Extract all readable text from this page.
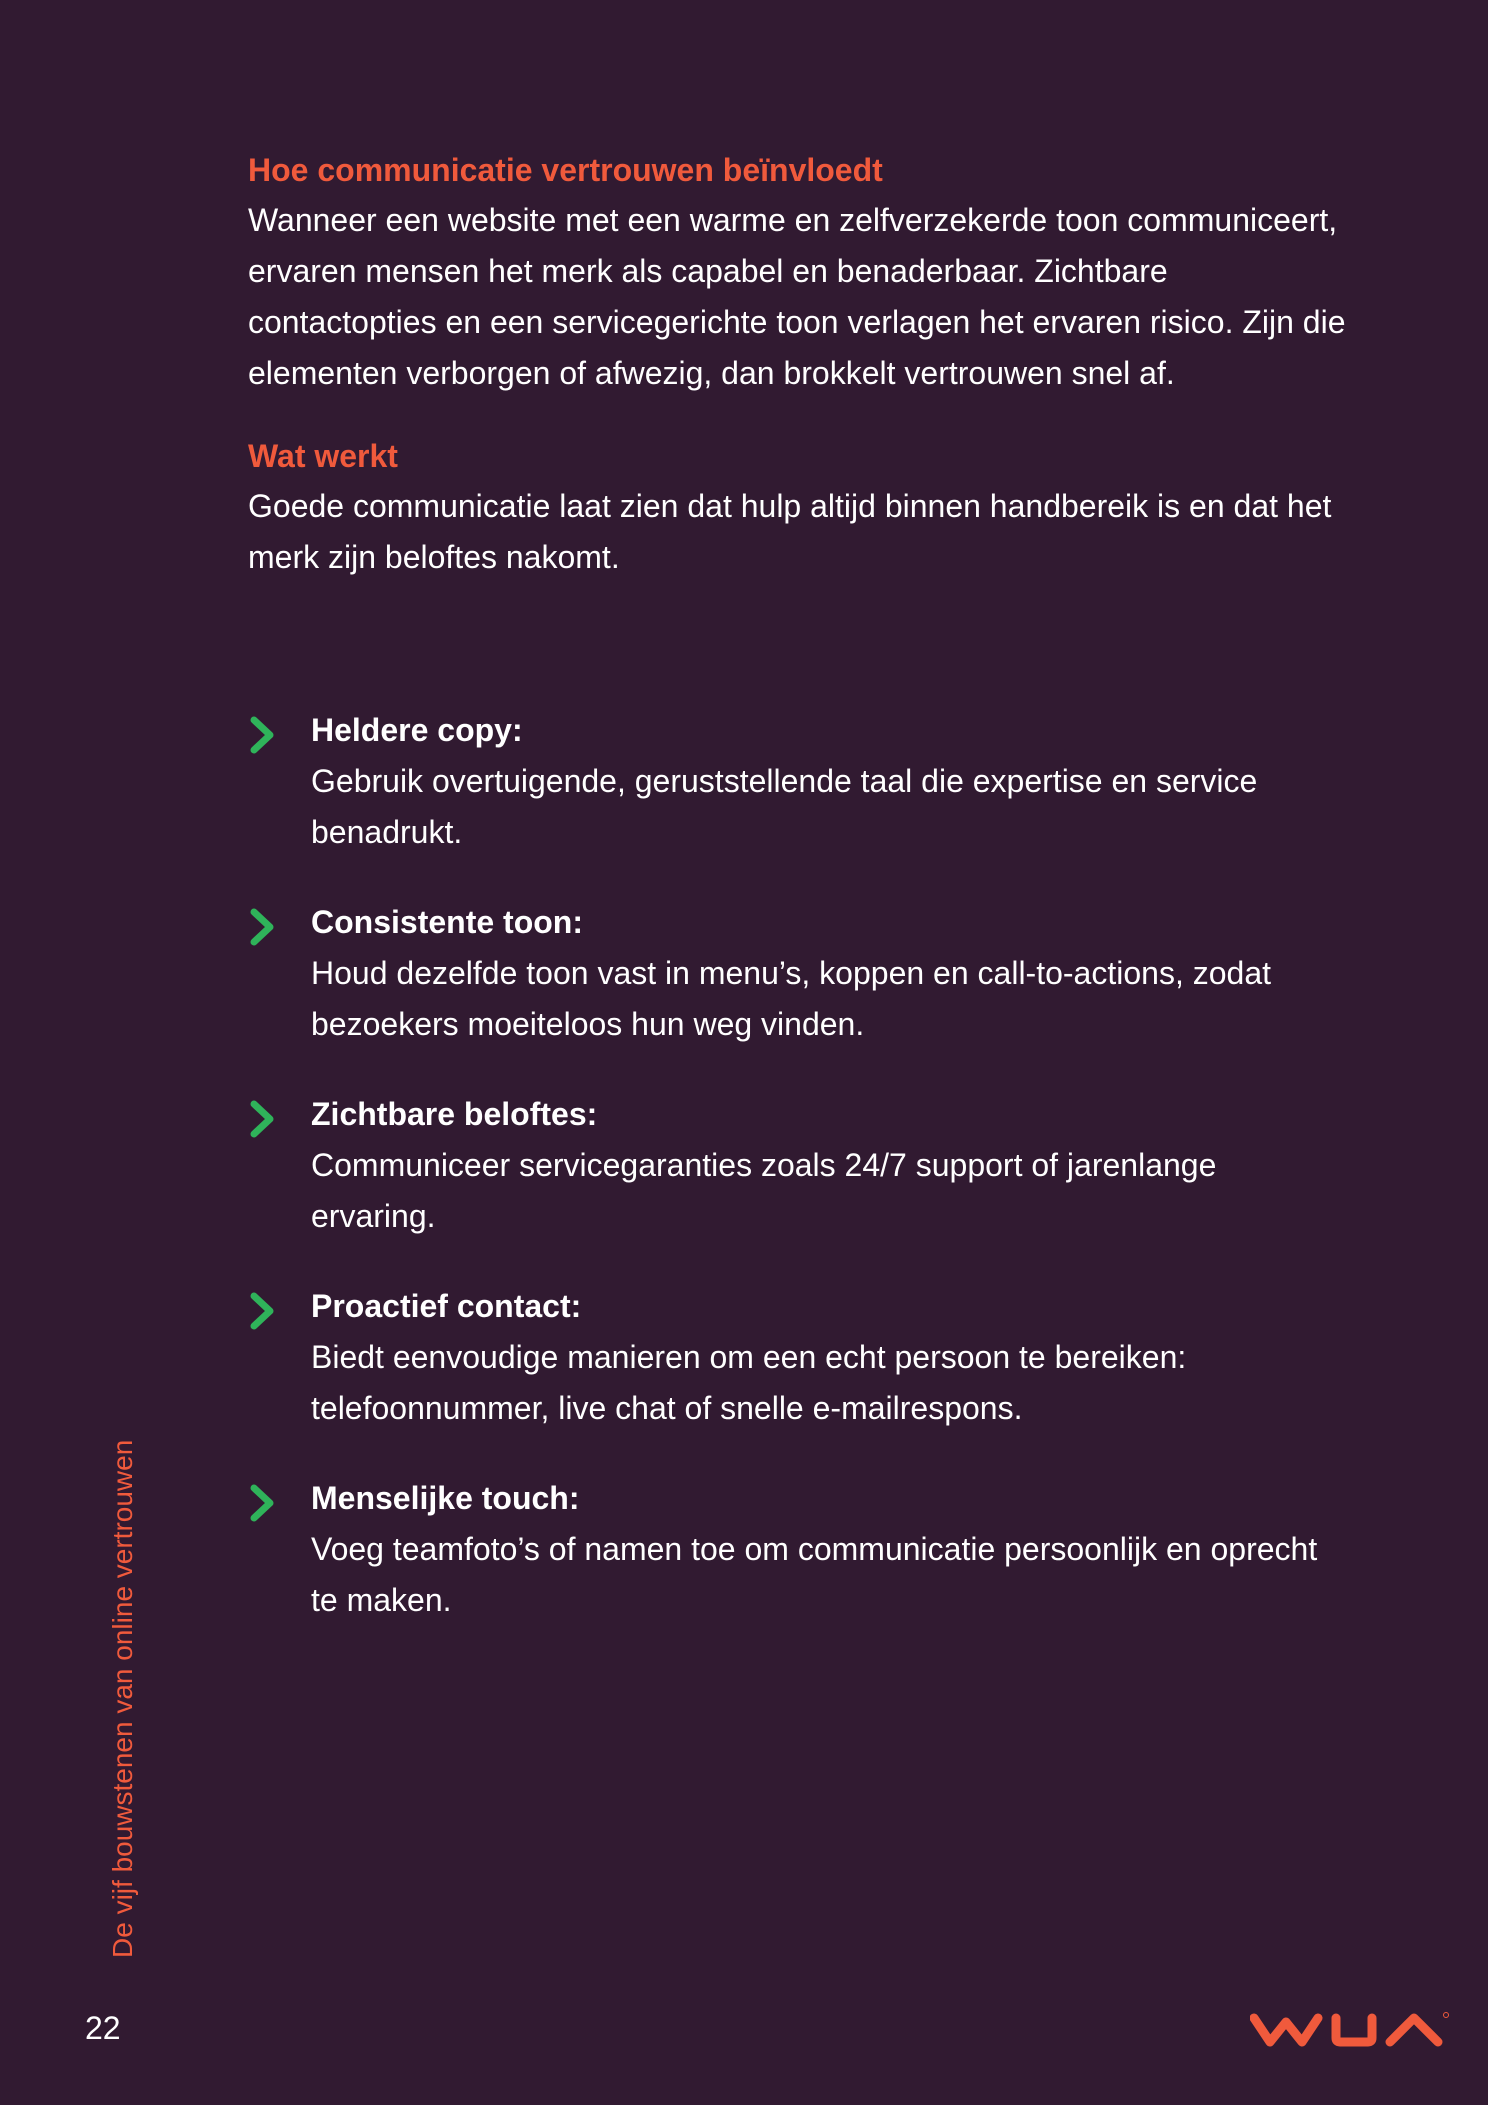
Hoe communicatie vertrouwen beïnvloedt

Wanneer een website met een warme en zelfverzekerde toon communiceert, ervaren mensen het merk als capabel en benaderbaar. Zichtbare contactopties en een servicegerichte toon verlagen het ervaren risico. Zijn die elementen verborgen of afwezig, dan brokkelt vertrouwen snel af.

Wat werkt

Goede communicatie laat zien dat hulp altijd binnen handbereik is en dat het merk zijn beloftes nakomt.

Heldere copy:
Gebruik overtuigende, geruststellende taal die expertise en service benadrukt.
Consistente toon:
Houd dezelfde toon vast in menu’s, koppen en call-to-actions, zodat bezoekers moeiteloos hun weg vinden.
Zichtbare beloftes:
Communiceer servicegaranties zoals 24/7 support of jarenlange ervaring.
Proactief contact:
Biedt eenvoudige manieren om een echt persoon te bereiken: telefoonnummer, live chat of snelle e-mailrespons.
Menselijke touch:
Voeg teamfoto’s of namen toe om communicatie persoonlijk en oprecht te maken.
De vijf bouwstenen van online vertrouwen
22
